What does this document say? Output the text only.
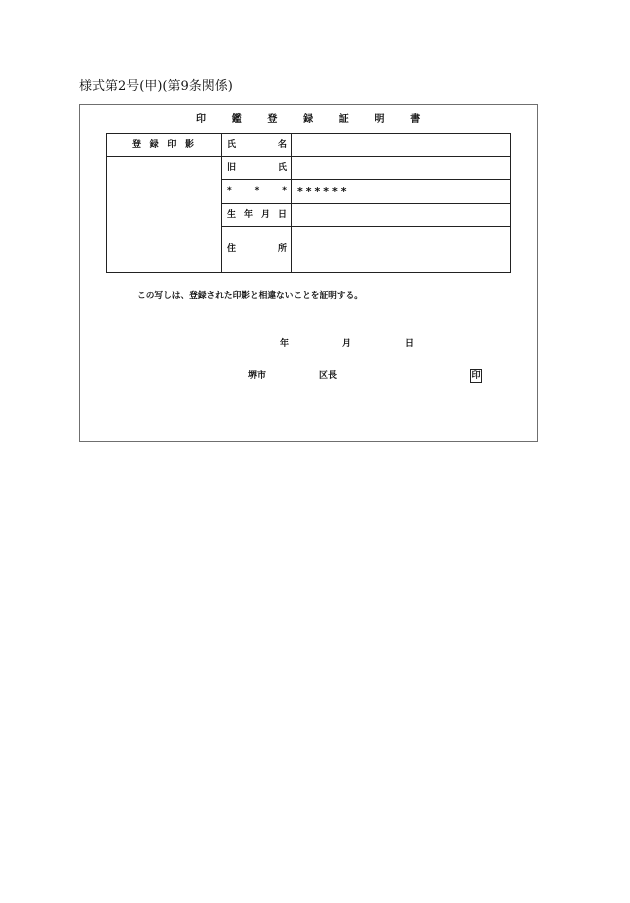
様式第2号(甲)(第9条関係)
印鑑登録証明書
登録印影	氏名	
	旧氏	
	* * *	******
	生年月日	
	住所	
この写しは、登録された印影と相違ないことを証明する。
年	月	日
堺市	区長	印
